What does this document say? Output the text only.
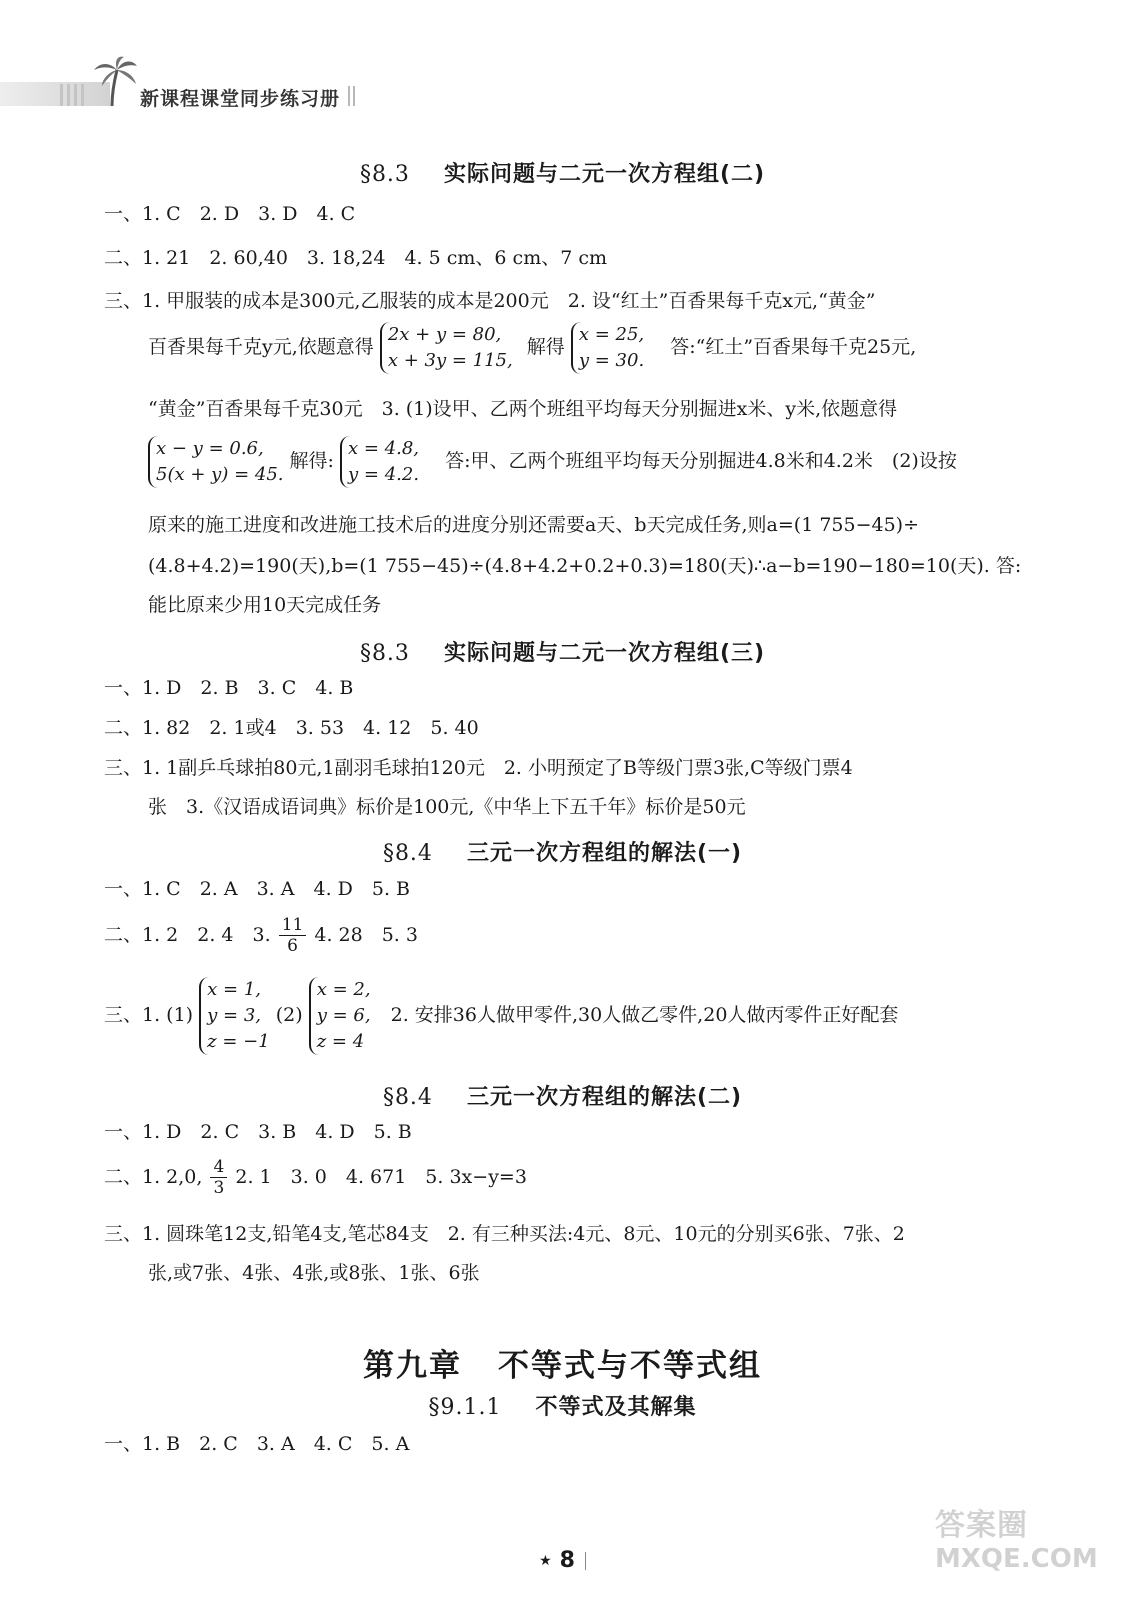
新课程课堂同步练习册
§8.3 实际问题与二元一次方程组(二)
一、1. C　2. D　3. D　4. C
二、1. 21　2. 60,40　3. 18,24　4. 5 cm、6 cm、7 cm
三、1. 甲服装的成本是300元,乙服装的成本是200元　2. 设“红土”百香果每千克x元,“黄金”
百香果每千克y元,依题意得 2x + y = 80,
x + 3y = 115, 解得 x = 25,
y = 30. 答:“红土”百香果每千克25元,
“黄金”百香果每千克30元　3. (1)设甲、乙两个班组平均每天分别掘进x米、y米,依题意得
x − y = 0.6,
5(x + y) = 45. 解得: x = 4.8,
y = 4.2. 答:甲、乙两个班组平均每天分别掘进4.8米和4.2米　(2)设按
原来的施工进度和改进施工技术后的进度分别还需要a天、b天完成任务,则a=(1 755−45)÷
(4.8+4.2)=190(天),b=(1 755−45)÷(4.8+4.2+0.2+0.3)=180(天)∴a−b=190−180=10(天). 答:
能比原来少用10天完成任务
§8.3 实际问题与二元一次方程组(三)
一、1. D　2. B　3. C　4. B
二、1. 82　2. 1或4　3. 53　4. 12　5. 40
三、1. 1副乒乓球拍80元,1副羽毛球拍120元　2. 小明预定了B等级门票3张,C等级门票4
张　3.《汉语成语词典》标价是100元,《中华上下五千年》标价是50元
§8.4 三元一次方程组的解法(一)
一、1. C　2. A　3. A　4. D　5. B
二、1. 2　2. 4　3. $\frac{11}{6} 4$. 28　5. 3
三、1. (1) x = 1,
y = 3,
z = −1 (2) x = 2,
y = 6,
z = 4 2. 安排36人做甲零件,30人做乙零件,20人做丙零件正好配套
§8.4 三元一次方程组的解法(二)
一、1. D　2. C　3. B　4. D　5. B
二、1. 2,0, $\frac{4}{3} 2$. 1　3. 0　4. 671　5. 3x−y=3
三、1. 圆珠笔12支,铅笔4支,笔芯84支　2. 有三种买法:4元、8元、10元的分别买6张、7张、2
张,或7张、4张、4张,或8张、1张、6张
第九章 不等式与不等式组
§9.1.1 不等式及其解集
一、1. B　2. C　3. A　4. C　5. A
★ 8
答案圈
MXQE.COM
